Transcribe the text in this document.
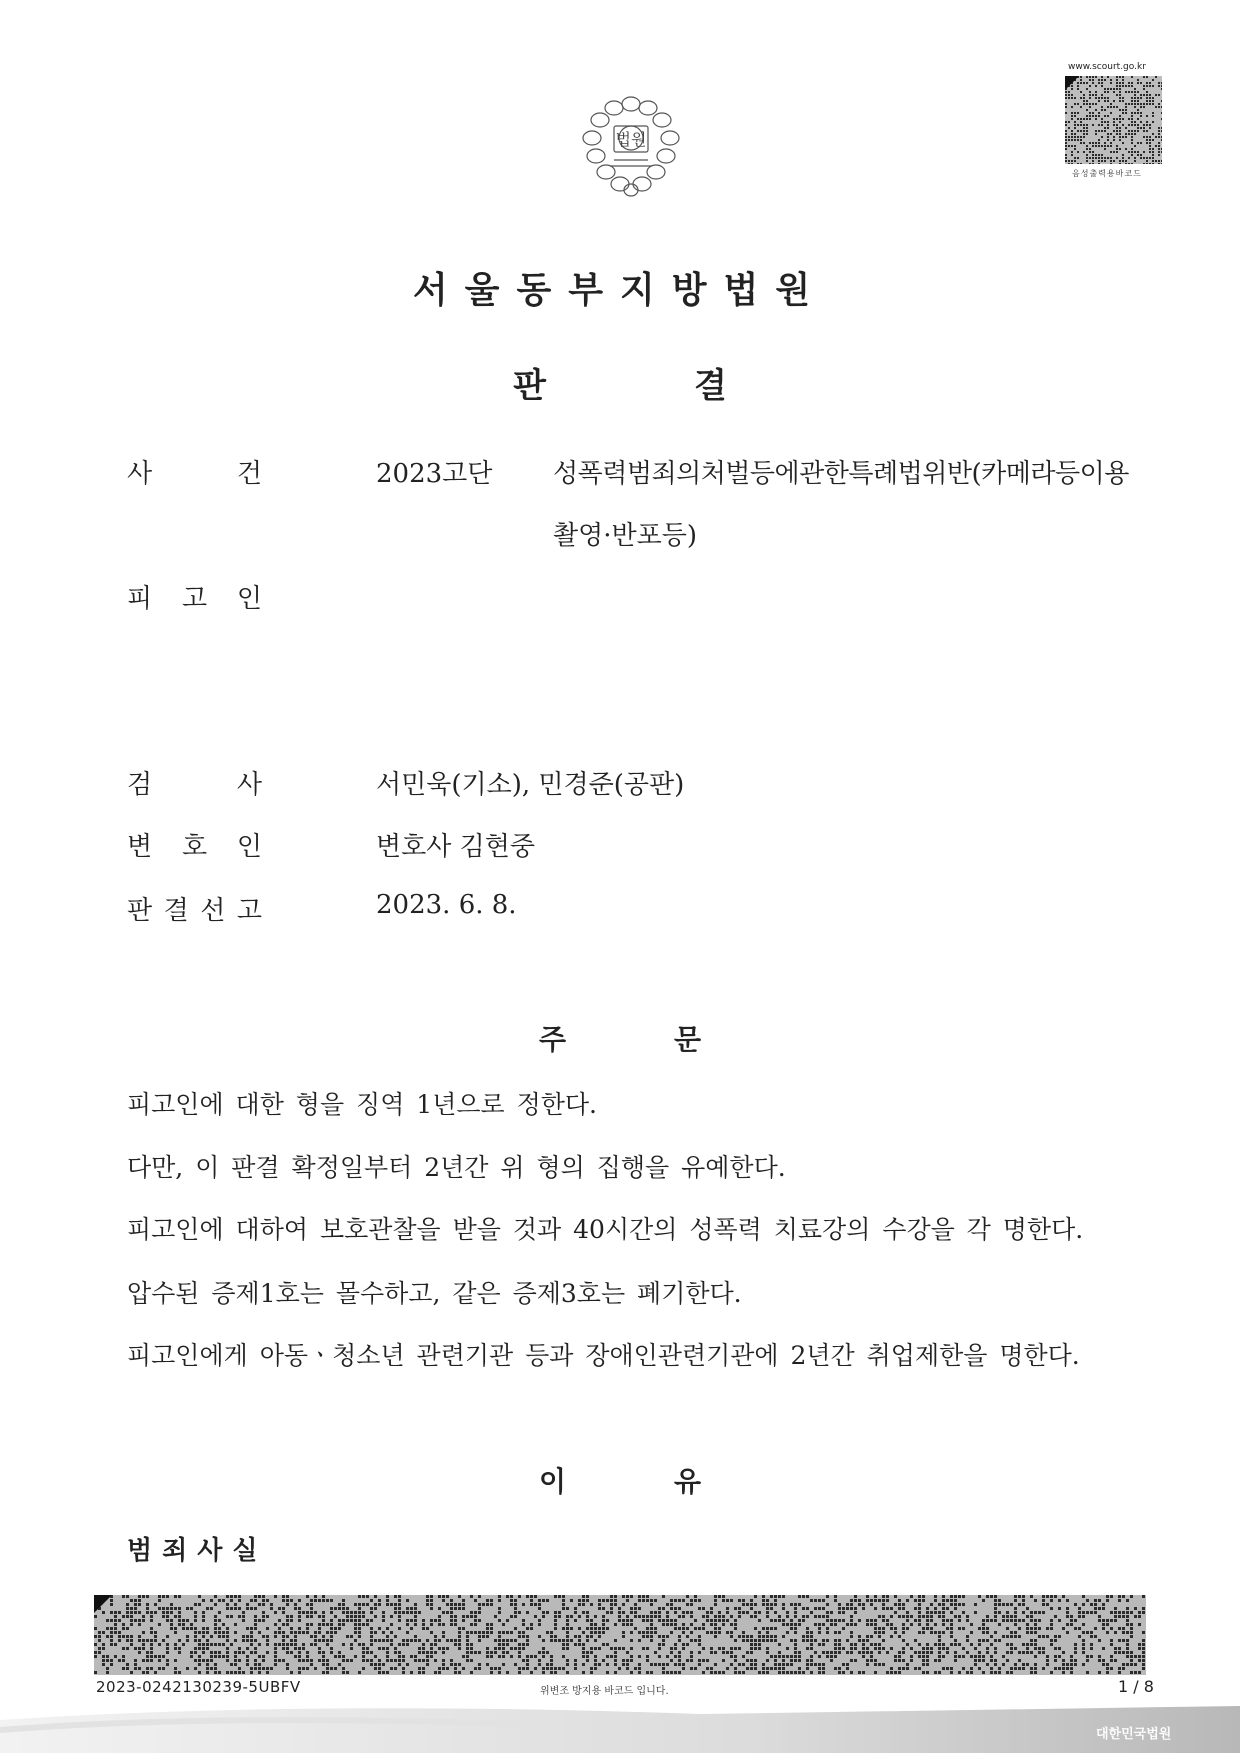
www.scourt.go.kr
음성출력용바코드
법원
서울동부지방법원
판	결
사	건	2023고단 성폭력범죄의처벌등에관한특례법위반(카메라등이용
촬영·반포등)
피 고 인
검	사	서민욱(기소), 민경준(공판)
변 호 인	변호사 김현중
판 결 선 고	2023. 6. 8.
주	문
피고인에 대한 형을 징역 1년으로 정한다.
다만, 이 판결 확정일부터 2년간 위 형의 집행을 유예한다.
피고인에 대하여 보호관찰을 받을 것과 40시간의 성폭력 치료강의 수강을 각 명한다.
압수된 증제1호는 몰수하고, 같은 증제3호는 폐기한다.
피고인에게 아동ㆍ청소년 관련기관 등과 장애인관련기관에 2년간 취업제한을 명한다.
이	유
범죄사실
2023-0242130239-5UBFV	위변조 방지용 바코드 입니다.	1 / 8
대한민국법원
